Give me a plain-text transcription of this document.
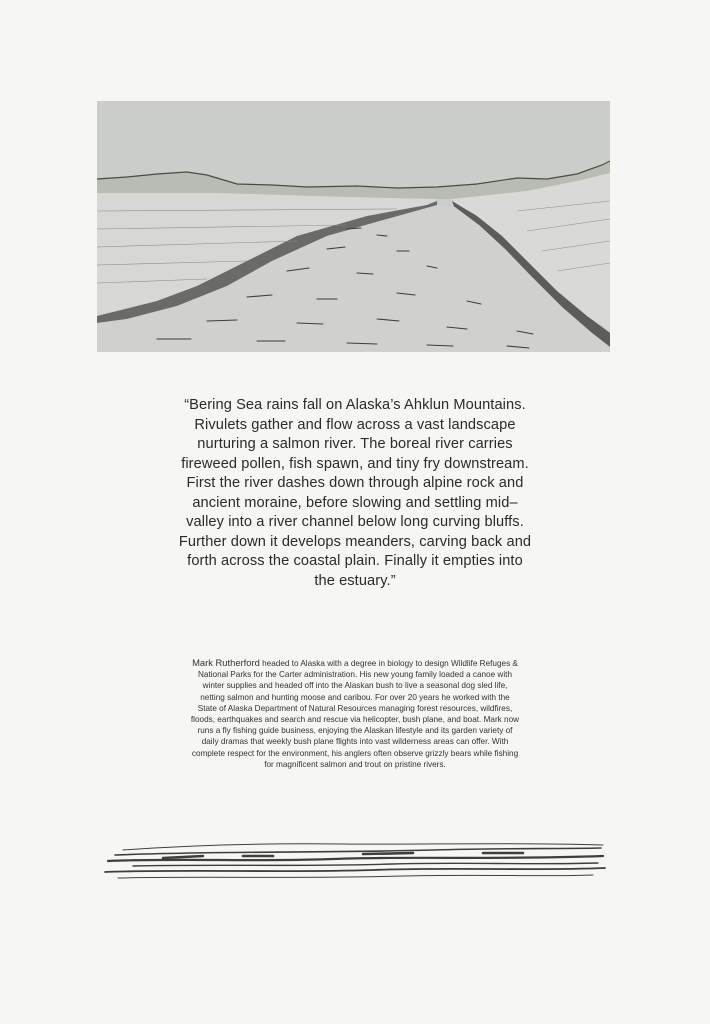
“Bering Sea rains fall on Alaska’s Ahklun Mountains. Rivulets gather and flow across a vast landscape nurturing a salmon river. The boreal river carries fireweed pollen, fish spawn, and tiny fry downstream. First the river dashes down through alpine rock and ancient moraine, before slowing and settling mid–valley into a river channel below long curving bluffs. Further down it develops meanders, carving back and forth across the coastal plain. Finally it empties into the estuary.”
Mark Rutherford headed to Alaska with a degree in biology to design Wildlife Refuges & National Parks for the Carter administration. His new young family loaded a canoe with winter supplies and headed off into the Alaskan bush to live a seasonal dog sled life, netting salmon and hunting moose and caribou. For over 20 years he worked with the State of Alaska Department of Natural Resources managing forest resources, wildfires, floods, earthquakes and search and rescue via helicopter, bush plane, and boat. Mark now runs a fly fishing guide business, enjoying the Alaskan lifestyle and its garden variety of daily dramas that weekly bush plane flights into vast wilderness areas can offer. With complete respect for the environment, his anglers often observe grizzly bears while fishing for magnificent salmon and trout on pristine rivers.
